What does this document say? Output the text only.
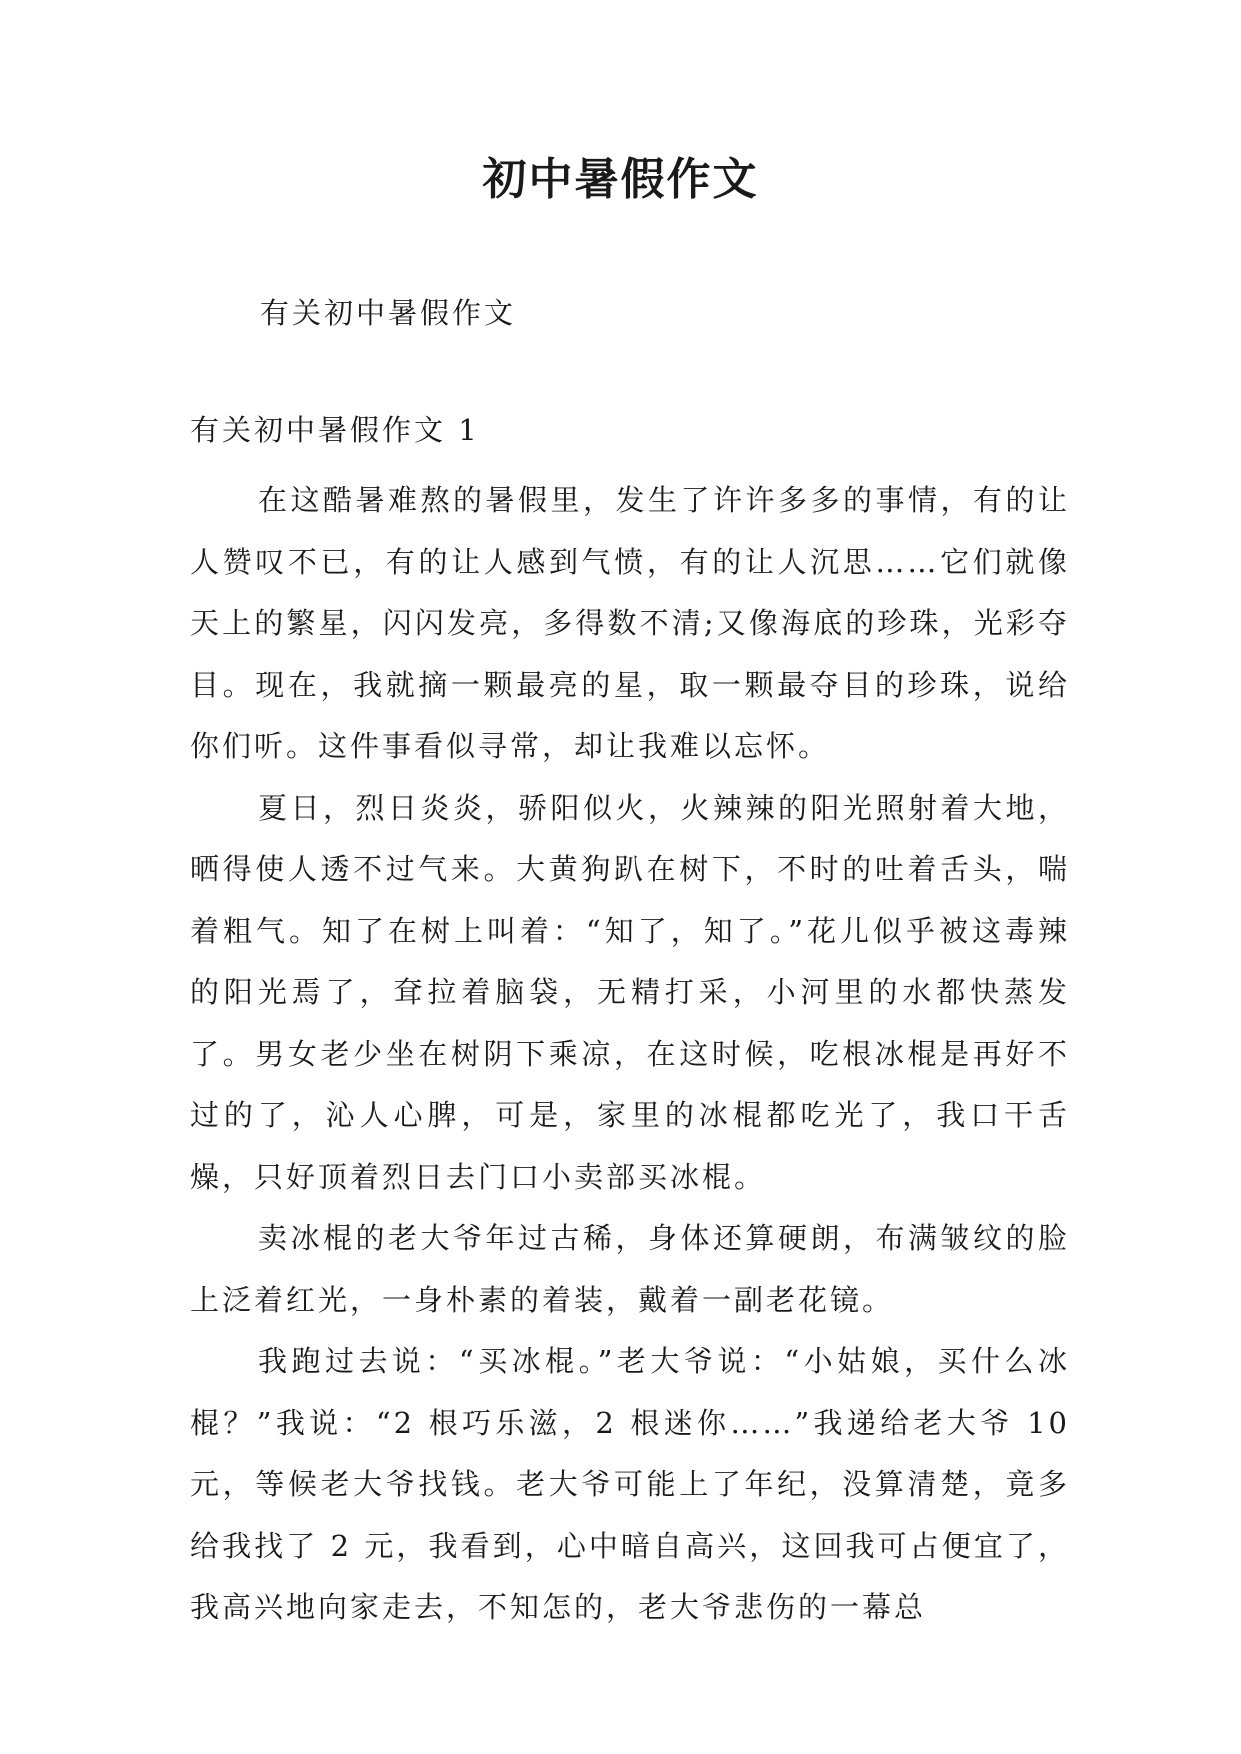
初中暑假作文
有关初中暑假作文
有关初中暑假作文 1

在这酷暑难熬的暑假里，发生了许许多多的事情，有的让人赞叹不已，有的让人感到气愤，有的让人沉思……它们就像天上的繁星，闪闪发亮，多得数不清;又像海底的珍珠，光彩夺目。现在，我就摘一颗最亮的星，取一颗最夺目的珍珠，说给你们听。这件事看似寻常，却让我难以忘怀。

夏日，烈日炎炎，骄阳似火，火辣辣的阳光照射着大地，晒得使人透不过气来。大黄狗趴在树下，不时的吐着舌头，喘着粗气。知了在树上叫着：“知了，知了。”花儿似乎被这毒辣的阳光焉了，耷拉着脑袋，无精打采，小河里的水都快蒸发了。男女老少坐在树阴下乘凉，在这时候，吃根冰棍是再好不过的了，沁人心脾，可是，家里的冰棍都吃光了，我口干舌燥，只好顶着烈日去门口小卖部买冰棍。

卖冰棍的老大爷年过古稀，身体还算硬朗，布满皱纹的脸上泛着红光，一身朴素的着装，戴着一副老花镜。

我跑过去说：“买冰棍。”老大爷说：“小姑娘，买什么冰棍？”我说：“2 根巧乐滋，2 根迷你……”我递给老大爷 10 元，等候老大爷找钱。老大爷可能上了年纪，没算清楚，竟多给我找了 2 元，我看到，心中暗自高兴，这回我可占便宜了，我高兴地向家走去，不知怎的，老大爷悲伤的一幕总
